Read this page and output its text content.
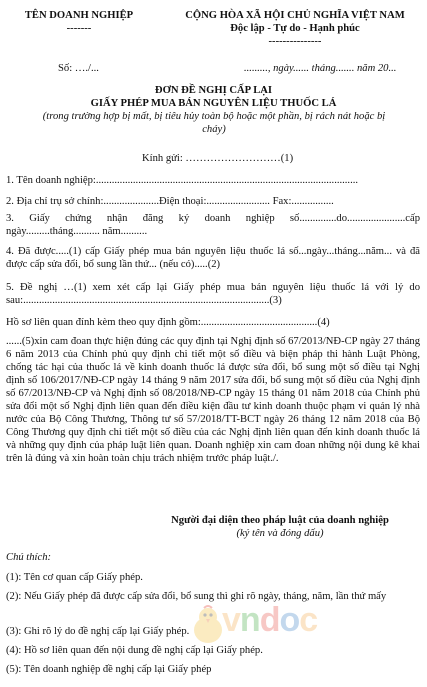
TÊN DOANH NGHIỆP
-------
CỘNG HÒA XÃ HỘI CHỦ NGHĨA VIỆT NAM
Độc lập - Tự do - Hạnh phúc
---------------
Số: …./...	........., ngày...... tháng....... năm 20...
ĐƠN ĐỀ NGHỊ CẤP LẠI
GIẤY PHÉP MUA BÁN NGUYÊN LIỆU THUỐC LÁ
(trong trường hợp bị mất, bị tiêu hủy toàn bộ hoặc một phần, bị rách nát hoặc bị cháy)
Kính gửi: ………………………(1)
1. Tên doanh nghiệp:...................................................................................................
2. Địa chỉ trụ sở chính:.....................Điện thoại:........................ Fax:................
3. Giấy chứng nhận đăng ký doanh nghiệp số..............do......................cấp
ngày.........tháng.......... năm..........
4. Đã được.....(1) cấp Giấy phép mua bán nguyên liệu thuốc lá số...ngày...tháng...năm... và đã được cấp sửa đổi, bổ sung lần thứ... (nếu có).....(2)
5. Đề nghị …(1) xem xét cấp lại Giấy phép mua bán nguyên liệu thuốc lá với lý do sau:.............................................................................................(3)
Hồ sơ liên quan đính kèm theo quy định gồm:............................................(4)
......(5)xin cam đoan thực hiện đúng các quy định tại Nghị định số 67/2013/NĐ-CP ngày 27 tháng 6 năm 2013 của Chính phủ quy định chi tiết một số điều và biện pháp thi hành Luật Phòng, chống tác hại của thuốc lá về kinh doanh thuốc lá được sửa đổi, bổ sung một số điều tại Nghị định số 106/2017/NĐ-CP ngày 14 tháng 9 năm 2017 sửa đổi, bổ sung một số điều của Nghị định số 67/2013/NĐ-CP và Nghị định số 08/2018/NĐ-CP ngày 15 tháng 01 năm 2018 của Chính phủ sửa đổi một số Nghị định liên quan đến điều kiện đầu tư kinh doanh thuộc phạm vi quản lý nhà nước của Bộ Công Thương, Thông tư số 57/2018/TT-BCT ngày 26 tháng 12 năm 2018 của Bộ Công Thương quy định chi tiết một số điều của các Nghị định liên quan đến kinh doanh thuốc lá và những quy định của pháp luật liên quan. Doanh nghiệp xin cam đoan những nội dung kê khai trên là đúng và xin hoàn toàn chịu trách nhiệm trước pháp luật./.
Người đại diện theo pháp luật của doanh nghiệp
(ký tên và đóng dấu)
Chú thích:
(1): Tên cơ quan cấp Giấy phép.
(2): Nếu Giấy phép đã được cấp sửa đổi, bổ sung thì ghi rõ ngày, tháng, năm, lần thứ mấy
(3): Ghi rõ lý do đề nghị cấp lại Giấy phép.
(4): Hồ sơ liên quan đến nội dung đề nghị cấp lại Giấy phép.
(5): Tên doanh nghiệp đề nghị cấp lại Giấy phép
vndoc
